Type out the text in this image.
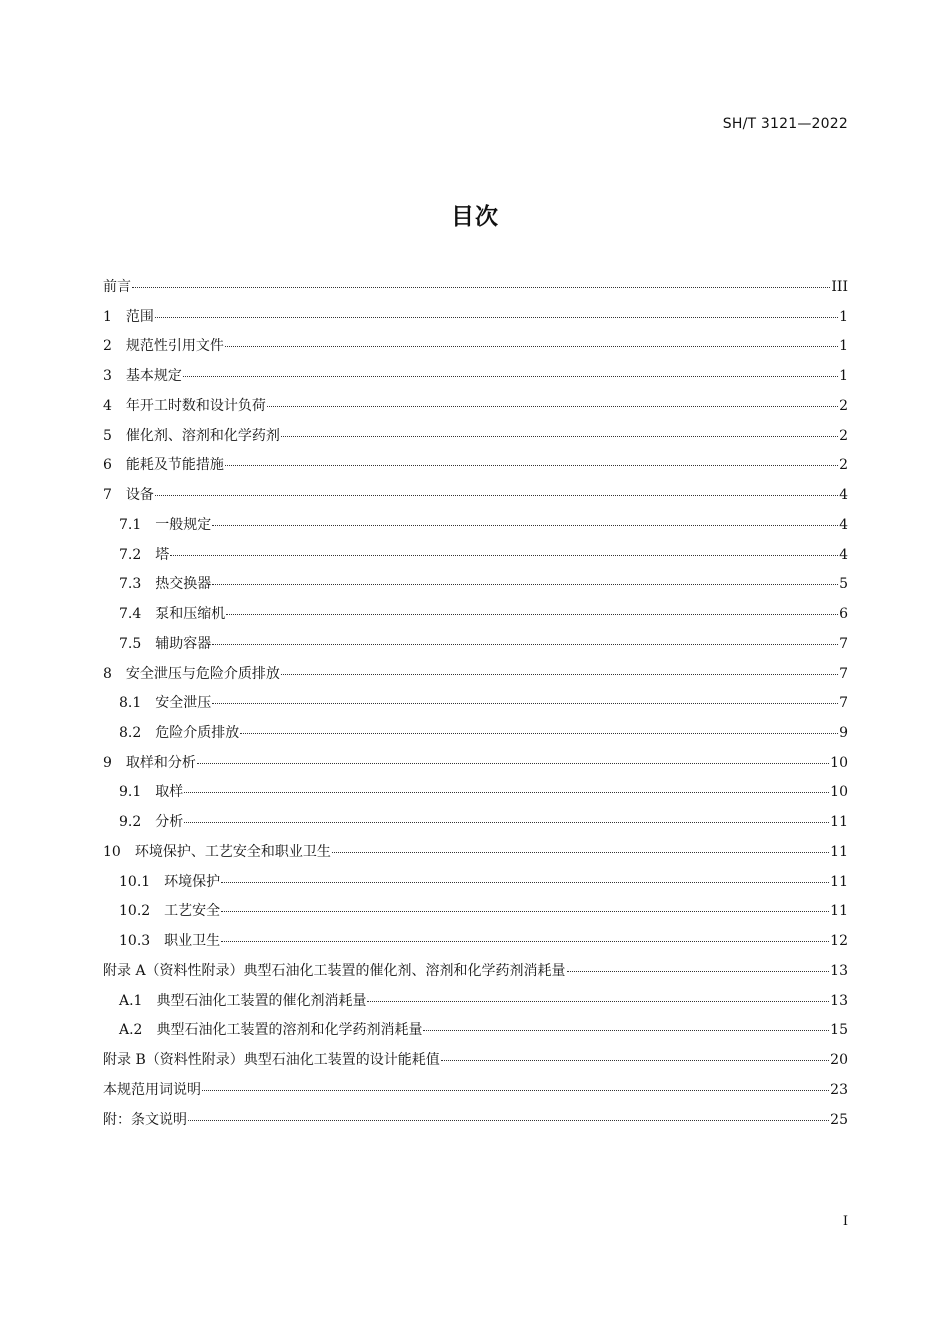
SH/T 3121—2022
目次
前言	III
1 范围	1
2 规范性引用文件	1
3 基本规定	1
4 年开工时数和设计负荷	2
5 催化剂、溶剂和化学药剂	2
6 能耗及节能措施	2
7 设备	4
7.1 一般规定	4
7.2 塔	4
7.3 热交换器	5
7.4 泵和压缩机	6
7.5 辅助容器	7
8 安全泄压与危险介质排放	7
8.1 安全泄压	7
8.2 危险介质排放	9
9 取样和分析	10
9.1 取样	10
9.2 分析	11
10 环境保护、工艺安全和职业卫生	11
10.1 环境保护	11
10.2 工艺安全	11
10.3 职业卫生	12
附录 A（资料性附录）典型石油化工装置的催化剂、溶剂和化学药剂消耗量	13
A.1 典型石油化工装置的催化剂消耗量	13
A.2 典型石油化工装置的溶剂和化学药剂消耗量	15
附录 B（资料性附录）典型石油化工装置的设计能耗值	20
本规范用词说明	23
附：条文说明	25
I
